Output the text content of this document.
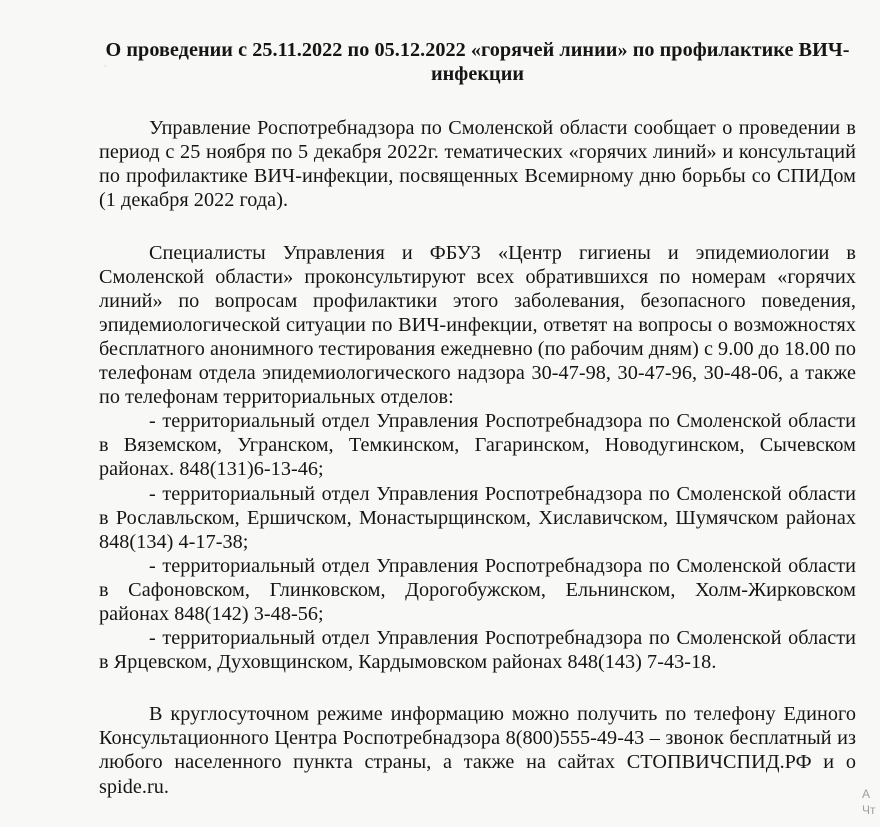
О проведении с 25.11.2022 по 05.12.2022 «горячей линии» по профилактике ВИЧ-инфекции

Управление Роспотребнадзора по Смоленской области сообщает о проведении в период с 25 ноября по 5 декабря 2022г. тематических «горячих линий» и консультаций по профилактике ВИЧ-инфекции, посвященных Всемирному дню борьбы со СПИДом (1 декабря 2022 года).

Специалисты Управления и ФБУЗ «Центр гигиены и эпидемиологии в Смоленской области» проконсультируют всех обратившихся по номерам «горячих линий» по вопросам профилактики этого заболевания, безопасного поведения, эпидемиологической ситуации по ВИЧ-инфекции, ответят на вопросы о возможностях бесплатного анонимного тестирования ежедневно (по рабочим дням) с 9.00 до 18.00 по телефонам отдела эпидемиологического надзора 30-47-98, 30-47-96, 30-48-06, а также по телефонам территориальных отделов:

- территориальный отдел Управления Роспотребнадзора по Смоленской области в Вяземском, Угранском, Темкинском, Гагаринском, Новодугинском, Сычевском районах. 848(131)6-13-46;
- территориальный отдел Управления Роспотребнадзора по Смоленской области в Рославльском, Ершичском, Монастырщинском, Хиславичском, Шумячском районах 848(134) 4-17-38;
- территориальный отдел Управления Роспотребнадзора по Смоленской области в Сафоновском, Глинковском, Дорогобужском, Ельнинском, Холм-Жирковском районах 848(142) 3-48-56;
- территориальный отдел Управления Роспотребнадзора по Смоленской области в Ярцевском, Духовщинском, Кардымовском районах 848(143) 7-43-18.

В круглосуточном режиме информацию можно получить по телефону Единого Консультационного Центра Роспотребнадзора 8(800)555-49-43 – звонок бесплатный из любого населенного пункта страны, а также на сайтах СТОПВИЧСПИД.РФ и о spide.ru.	А
Чт
